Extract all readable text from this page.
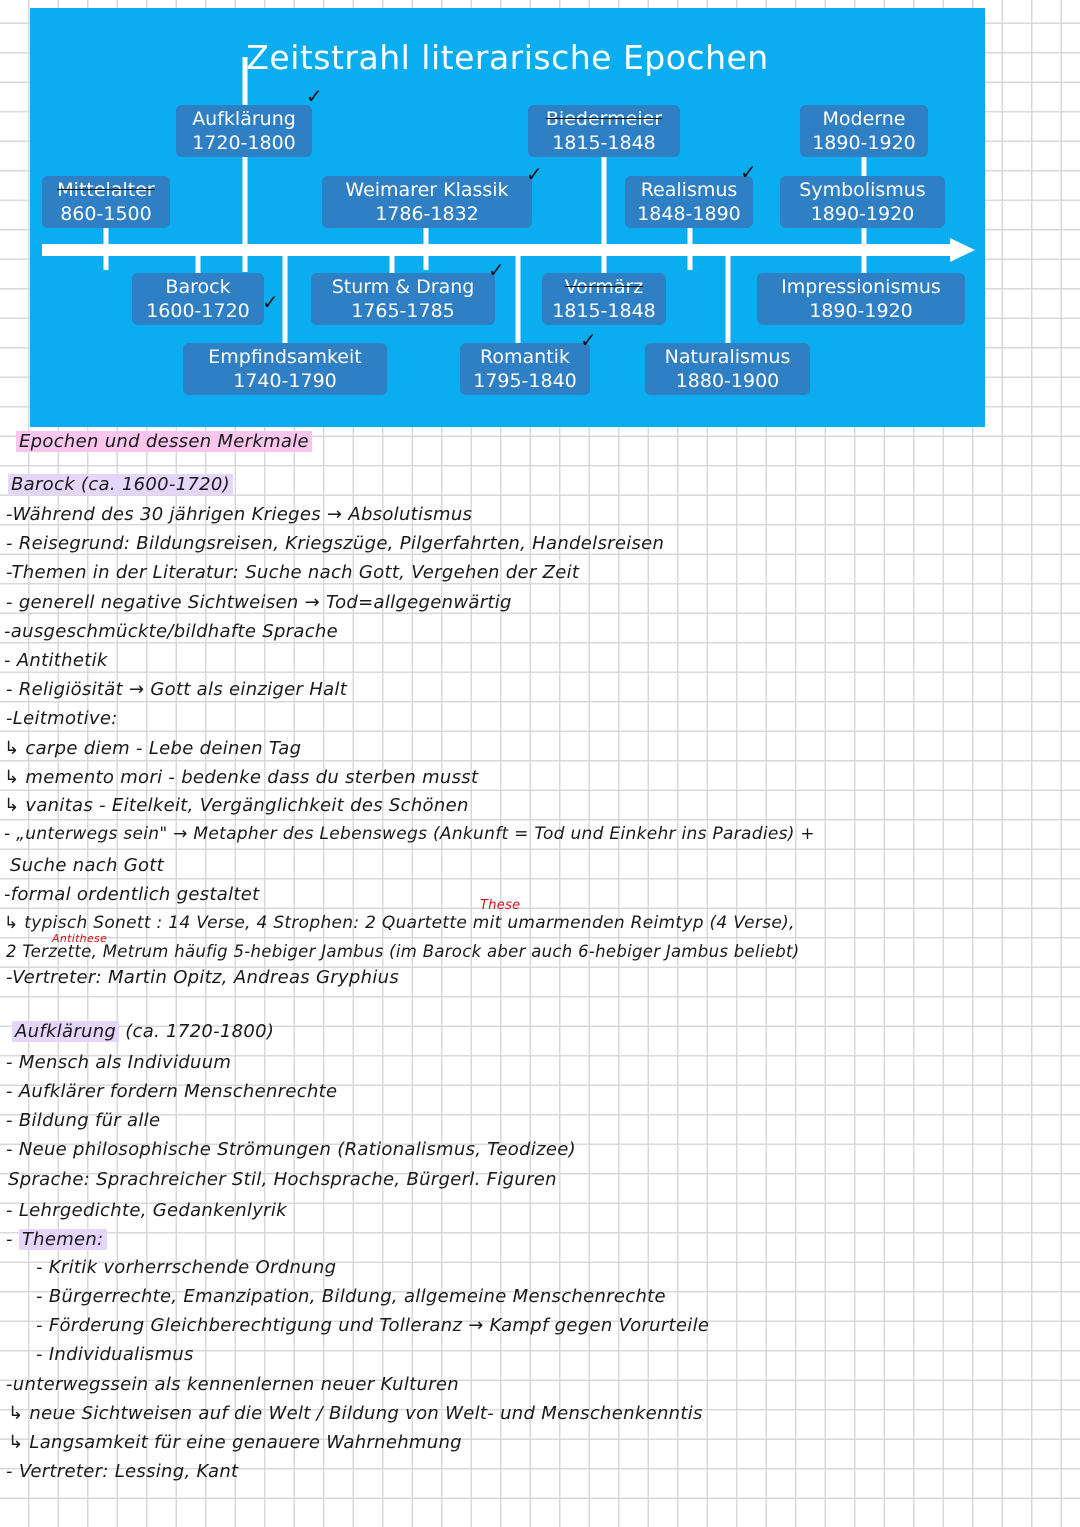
Zeitstrahl literarische Epochen
Aufklärung
1720-1800
Biedermeier
1815-1848
Moderne
1890-1920
Mittelalter
860-1500
Weimarer Klassik
1786-1832
Realismus
1848-1890
Symbolismus
1890-1920
Barock
1600-1720
Sturm & Drang
1765-1785
Vormärz
1815-1848
Impressionismus
1890-1920
Empfindsamkeit
1740-1790
Romantik
1795-1840
Naturalismus
1880-1900
✓
✓	✓
✓
✓
✓
Epochen und dessen Merkmale
Barock (ca. 1600-1720)
-Während des 30 jährigen Krieges → Absolutismus
- Reisegrund: Bildungsreisen, Kriegszüge, Pilgerfahrten, Handelsreisen
-Themen in der Literatur: Suche nach Gott, Vergehen der Zeit
- generell negative Sichtweisen → Tod=allgegenwärtig
-ausgeschmückte/bildhafte Sprache
- Antithetik
- Religiösität → Gott als einziger Halt
-Leitmotive:
↳ carpe diem - Lebe deinen Tag
↳ memento mori - bedenke dass du sterben musst
↳ vanitas - Eitelkeit, Vergänglichkeit des Schönen
- „unterwegs sein" → Metapher des Lebenswegs (Ankunft = Tod und Einkehr ins Paradies) +
Suche nach Gott
-formal ordentlich gestaltet
These
↳ typisch Sonett : 14 Verse, 4 Strophen: 2 Quartette mit umarmenden Reimtyp (4 Verse),
Antithese
2 Terzette, Metrum häufig 5-hebiger Jambus (im Barock aber auch 6-hebiger Jambus beliebt)
-Vertreter: Martin Opitz, Andreas Gryphius
Aufklärung (ca. 1720-1800)
- Mensch als Individuum
- Aufklärer fordern Menschenrechte
- Bildung für alle
- Neue philosophische Strömungen (Rationalismus, Teodizee)
Sprache: Sprachreicher Stil, Hochsprache, Bürgerl. Figuren
- Lehrgedichte, Gedankenlyrik
- Themen:
- Kritik vorherrschende Ordnung
- Bürgerrechte, Emanzipation, Bildung, allgemeine Menschenrechte
- Förderung Gleichberechtigung und Tolleranz → Kampf gegen Vorurteile
- Individualismus
-unterwegssein als kennenlernen neuer Kulturen
↳ neue Sichtweisen auf die Welt / Bildung von Welt- und Menschenkenntis
↳ Langsamkeit für eine genauere Wahrnehmung
- Vertreter: Lessing, Kant
